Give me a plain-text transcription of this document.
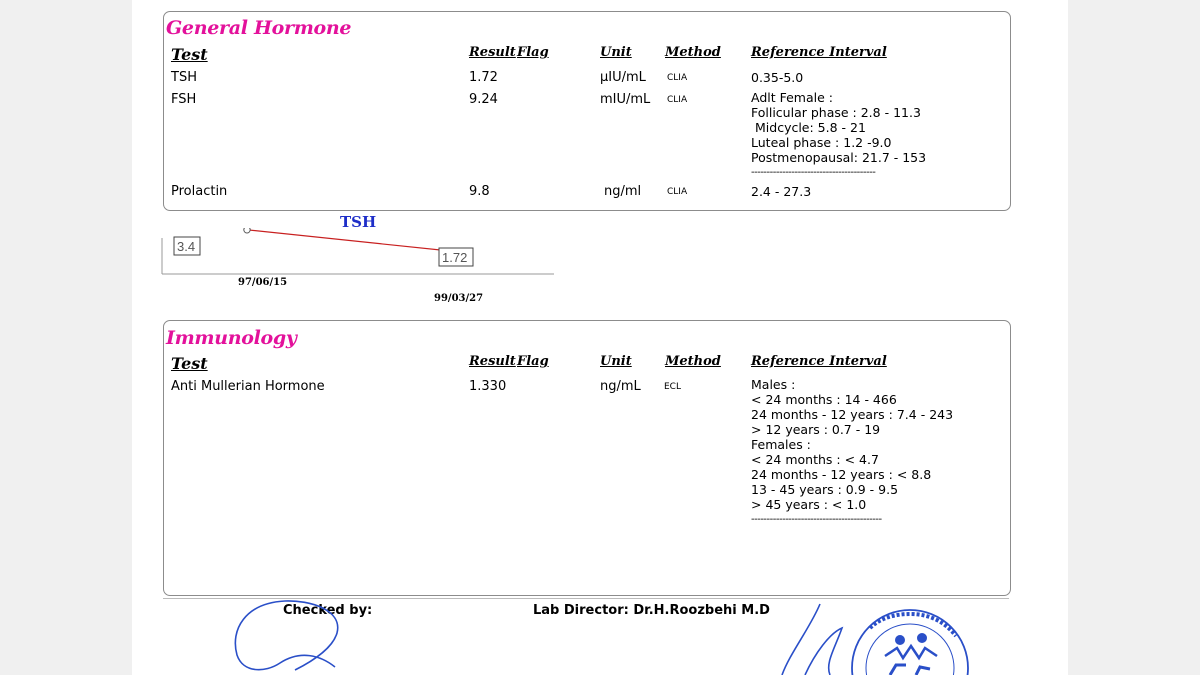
General Hormone
Test	Result Flag	Unit	Method Reference Interval
TSH	1.72	µIU/mL CLIA	0.35-5.0
FSH	9.24	mIU/mL CLIA	Adlt Female :
Follicular phase : 2.8 - 11.3
Midcycle: 5.8 - 21
Luteal phase : 1.2 -9.0
Postmenopausal: 21.7 - 153
----------------------------------------
Prolactin	9.8	ng/ml	CLIA	2.4 - 27.3
TSH
3.4
97/06/15
1.72
99/03/27
Immunology
Test	Result Flag	Unit	Method Reference Interval
Anti Mullerian Hormone	1.330	ng/mL	ECL	Males :
< 24 months : 14 - 466
24 months - 12 years : 7.4 - 243
> 12 years : 0.7 - 19
Females :
< 24 months : < 4.7
24 months - 12 years : < 8.8
13 - 45 years : 0.9 - 9.5
> 45 years : < 1.0
------------------------------------------
Checked by:	Lab Director: Dr.H.Roozbehi M.D
